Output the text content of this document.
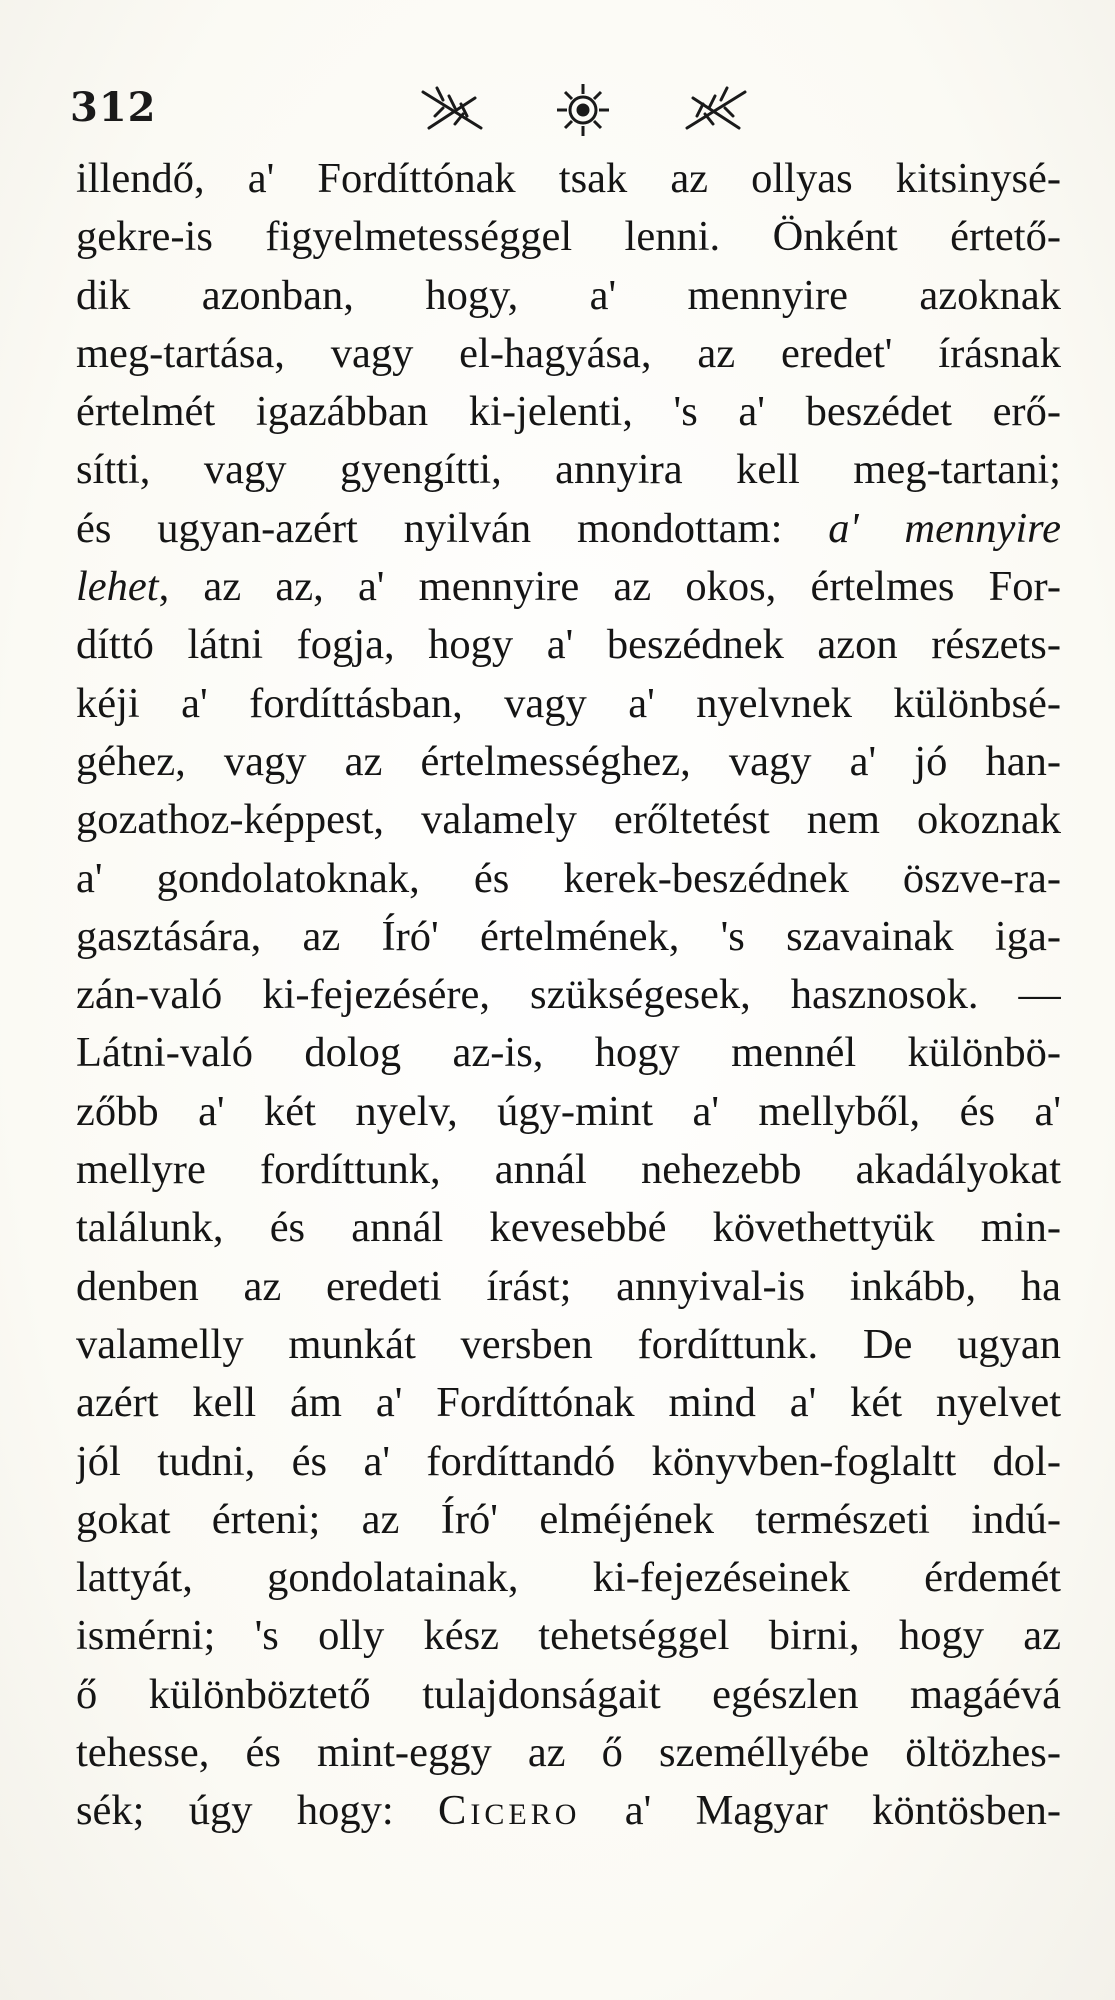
312
illendő, a' Fordíttónak tsak az ollyas kitsinysé-
gekre-is figyelmetességgel lenni. Önként értető-
dik azonban, hogy, a' mennyire azoknak
meg-tartása, vagy el-hagyása, az eredet' írásnak
értelmét igazábban ki-jelenti, 's a' beszédet erő-
sítti, vagy gyengítti, annyira kell meg-tartani;
és ugyan-azért nyilván mondottam: a' mennyire
lehet, az az, a' mennyire az okos, értelmes For-
díttó látni fogja, hogy a' beszédnek azon részets-
kéji a' fordíttásban, vagy a' nyelvnek különbsé-
géhez, vagy az értelmességhez, vagy a' jó han-
gozathoz-képpest, valamely erőltetést nem okoznak
a' gondolatoknak, és kerek-beszédnek öszve-ra-
gasztására, az Író' értelmének, 's szavainak iga-
zán-való ki-fejezésére, szükségesek, hasznosok. —
Látni-való dolog az-is, hogy mennél különbö-
zőbb a' két nyelv, úgy-mint a' mellyből, és a'
mellyre fordíttunk, annál nehezebb akadályokat
találunk, és annál kevesebbé követhettyük min-
denben az eredeti írást; annyival-is inkább, ha
valamelly munkát versben fordíttunk. De ugyan
azért kell ám a' Fordíttónak mind a' két nyelvet
jól tudni, és a' fordíttandó könyvben-foglaltt dol-
gokat érteni; az Író' elméjének természeti indú-
lattyát, gondolatainak, ki-fejezéseinek érdemét
ismérni; 's olly kész tehetséggel birni, hogy az
ő különböztető tulajdonságait egészlen magáévá
tehesse, és mint-eggy az ő személlyébe öltözhes-
sék; úgy hogy: Cicero a' Magyar köntösben-
